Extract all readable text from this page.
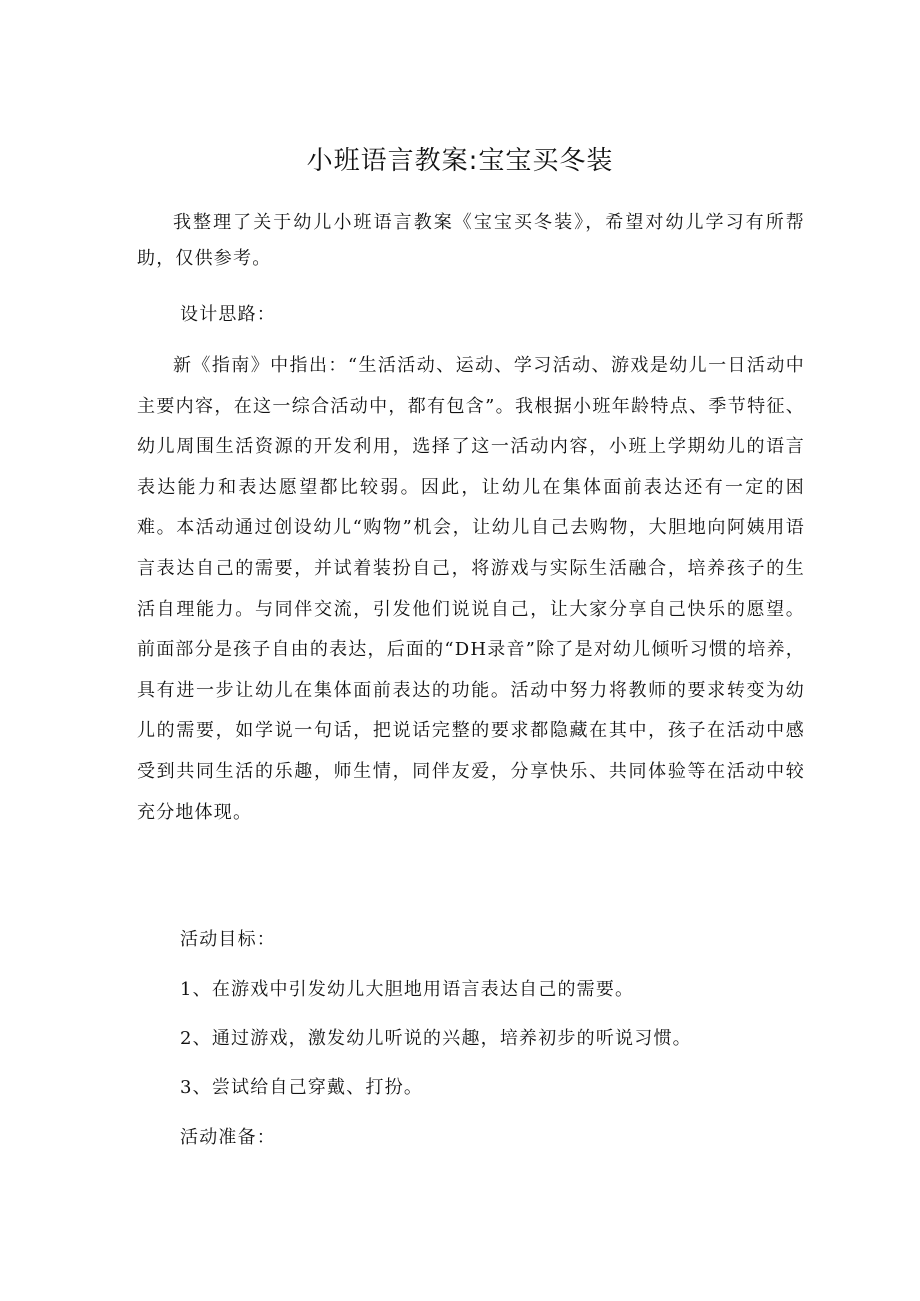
小班语言教案:宝宝买冬装

我整理了关于幼儿小班语言教案《宝宝买冬装》，希望对幼儿学习有所帮助，仅供参考。

设计思路：

新《指南》中指出：“生活活动、运动、学习活动、游戏是幼儿一日活动中主要内容，在这一综合活动中，都有包含”。我根据小班年龄特点、季节特征、幼儿周围生活资源的开发利用，选择了这一活动内容，小班上学期幼儿的语言表达能力和表达愿望都比较弱。因此，让幼儿在集体面前表达还有一定的困难。本活动通过创设幼儿“购物”机会，让幼儿自己去购物，大胆地向阿姨用语言表达自己的需要，并试着装扮自己，将游戏与实际生活融合，培养孩子的生活自理能力。与同伴交流，引发他们说说自己，让大家分享自己快乐的愿望。前面部分是孩子自由的表达，后面的“DH录音”除了是对幼儿倾听习惯的培养，具有进一步让幼儿在集体面前表达的功能。活动中努力将教师的要求转变为幼儿的需要，如学说一句话，把说话完整的要求都隐藏在其中，孩子在活动中感受到共同生活的乐趣，师生情，同伴友爱，分享快乐、共同体验等在活动中较充分地体现。

活动目标：

1、在游戏中引发幼儿大胆地用语言表达自己的需要。

2、通过游戏，激发幼儿听说的兴趣，培养初步的听说习惯。

3、尝试给自己穿戴、打扮。

活动准备：
